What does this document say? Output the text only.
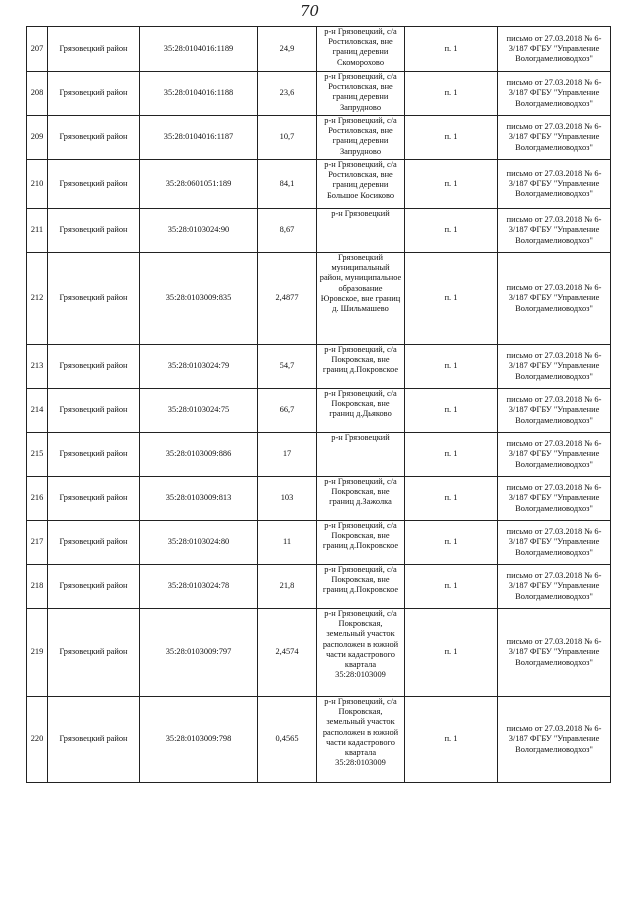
70
207	Грязовецкий район	35:28:0104016:1189	24,9	р-н Грязовецкий, с/а Ростиловская, вне границ деревни Скоморохово	п. 1	письмо от 27.03.2018 № 6-3/187 ФГБУ "Управление Вологдамелиоводхоз"
208	Грязовецкий район	35:28:0104016:1188	23,6	р-н Грязовецкий, с/а Ростиловская, вне границ деревни Запрудново	п. 1	письмо от 27.03.2018 № 6-3/187 ФГБУ "Управление Вологдамелиоводхоз"
209	Грязовецкий район	35:28:0104016:1187	10,7	р-н Грязовецкий, с/а Ростиловская, вне границ деревни Запрудново	п. 1	письмо от 27.03.2018 № 6-3/187 ФГБУ "Управление Вологдамелиоводхоз"
210	Грязовецкий район	35:28:0601051:189	84,1	р-н Грязовецкий, с/а Ростиловская, вне границ деревни Большое Косиково	п. 1	письмо от 27.03.2018 № 6-3/187 ФГБУ "Управление Вологдамелиоводхоз"
211	Грязовецкий район	35:28:0103024:90	8,67	р-н Грязовецкий	п. 1	письмо от 27.03.2018 № 6-3/187 ФГБУ "Управление Вологдамелиоводхоз"
212	Грязовецкий район	35:28:0103009:835	2,4877	Грязовецкий муниципальный район, муниципальное образование Юровское, вне границ д. Шильмашево	п. 1	письмо от 27.03.2018 № 6-3/187 ФГБУ "Управление Вологдамелиоводхоз"
213	Грязовецкий район	35:28:0103024:79	54,7	р-н Грязовецкий, с/а Покровская, вне границ д.Покровское	п. 1	письмо от 27.03.2018 № 6-3/187 ФГБУ "Управление Вологдамелиоводхоз"
214	Грязовецкий район	35:28:0103024:75	66,7	р-н Грязовецкий, с/а Покровская, вне границ д.Дьяково	п. 1	письмо от 27.03.2018 № 6-3/187 ФГБУ "Управление Вологдамелиоводхоз"
215	Грязовецкий район	35:28:0103009:886	17	р-н Грязовецкий	п. 1	письмо от 27.03.2018 № 6-3/187 ФГБУ "Управление Вологдамелиоводхоз"
216	Грязовецкий район	35:28:0103009:813	103	р-н Грязовецкий, с/а Покровская, вне границ д.Зажолка	п. 1	письмо от 27.03.2018 № 6-3/187 ФГБУ "Управление Вологдамелиоводхоз"
217	Грязовецкий район	35:28:0103024:80	11	р-н Грязовецкий, с/а Покровская, вне границ д.Покровское	п. 1	письмо от 27.03.2018 № 6-3/187 ФГБУ "Управление Вологдамелиоводхоз"
218	Грязовецкий район	35:28:0103024:78	21,8	р-н Грязовецкий, с/а Покровская, вне границ д.Покровское	п. 1	письмо от 27.03.2018 № 6-3/187 ФГБУ "Управление Вологдамелиоводхоз"
219	Грязовецкий район	35:28:0103009:797	2,4574	р-н Грязовецкий, с/а Покровская, земельный участок расположен в южной части кадастрового квартала 35:28:0103009	п. 1	письмо от 27.03.2018 № 6-3/187 ФГБУ "Управление Вологдамелиоводхоз"
220	Грязовецкий район	35:28:0103009:798	0,4565	р-н Грязовецкий, с/а Покровская, земельный участок расположен в южной части кадастрового квартала 35:28:0103009	п. 1	письмо от 27.03.2018 № 6-3/187 ФГБУ "Управление Вологдамелиоводхоз"
